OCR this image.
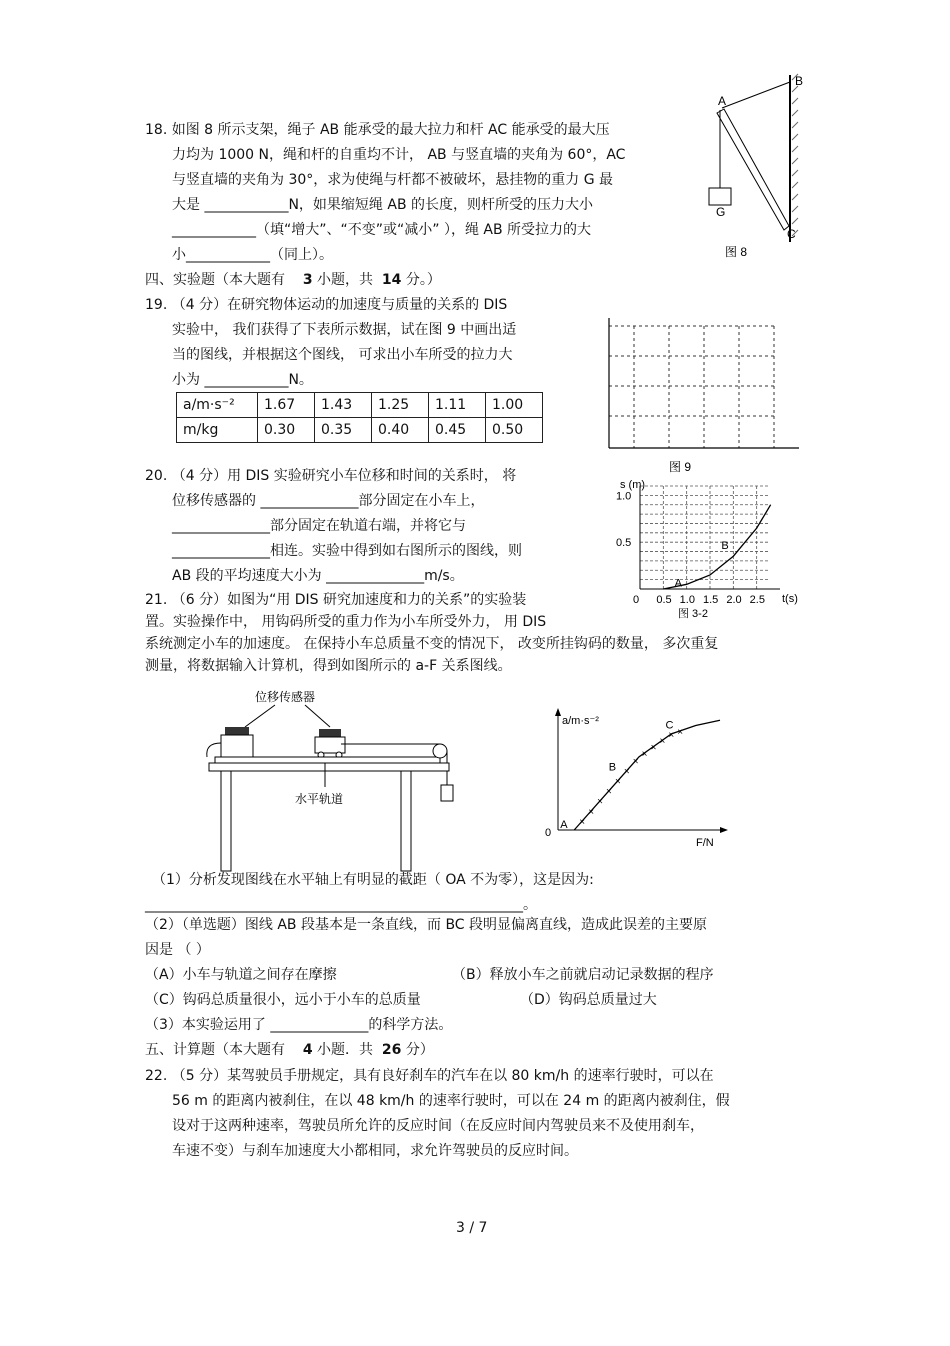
18. 如图 8 所示支架，绳子 AB 能承受的最大拉力和杆 AC 能承受的最大压
力均为 1000 N，绳和杆的自重均不计， AB 与竖直墙的夹角为 60°，AC
与竖直墙的夹角为 30°，求为使绳与杆都不被破坏，悬挂物的重力 G 最
大是 ____________N，如果缩短绳 AB 的长度，则杆所受的压力大小
____________（填“增大”、“不变”或“减小” ），绳 AB 所受拉力的大
小____________（同上）。
A
B
C
G
图 8
四、实验题（本大题有 3 小题，共 14 分。）
19. （4 分）在研究物体运动的加速度与质量的关系的 DIS
实验中， 我们获得了下表所示数据，试在图 9 中画出适
当的图线，并根据这个图线， 可求出小车所受的拉力大
小为 ____________N。
a/m·s⁻²	1.67	1.43	1.25	1.11	1.00
m/kg	0.30	0.35	0.40	0.45	0.50
图 9
20. （4 分）用 DIS 实验研究小车位移和时间的关系时， 将
位移传感器的 ______________部分固定在小车上，
______________部分固定在轨道右端，并将它与
______________相连。实验中得到如右图所示的图线，则
AB 段的平均速度大小为 ______________m/s。
0 0.5 1.0 1.5 2.0 2.5
0.5
1.0
A
B
s (m)
t(s)
图 3-2
21. （6 分）如图为“用 DIS 研究加速度和力的关系”的实验装
置。实验操作中， 用钩码所受的重力作为小车所受外力， 用 DIS
系统测定小车的加速度。 在保持小车总质量不变的情况下， 改变所挂钩码的数量， 多次重复
测量，将数据输入计算机，得到如图所示的 a-F 关系图线。
位移传感器
水平轨道
×
×
×
×
×
×
×
×
×
×
× ×
A
B
C
a/m·s⁻²
F/N
0
（1）分析发现图线在水平轴上有明显的截距（ OA 不为零），这是因为:
______________________________________________________。
（2）（单选题）图线 AB 段基本是一条直线，而 BC 段明显偏离直线，造成此误差的主要原
因是 （ ）
（A）小车与轨道之间存在摩擦	（B）释放小车之前就启动记录数据的程序
（C）钩码总质量很小，远小于小车的总质量	（D）钩码总质量过大
（3）本实验运用了 ______________的科学方法。
五、计算题（本大题有 4 小题．共 26 分）
22. （5 分）某驾驶员手册规定，具有良好刹车的汽车在以 80 km/h 的速率行驶时，可以在
56 m 的距离内被刹住，在以 48 km/h 的速率行驶时，可以在 24 m 的距离内被刹住，假
设对于这两种速率，驾驶员所允许的反应时间（在反应时间内驾驶员来不及使用刹车，
车速不变）与刹车加速度大小都相同，求允许驾驶员的反应时间。
3 / 7
